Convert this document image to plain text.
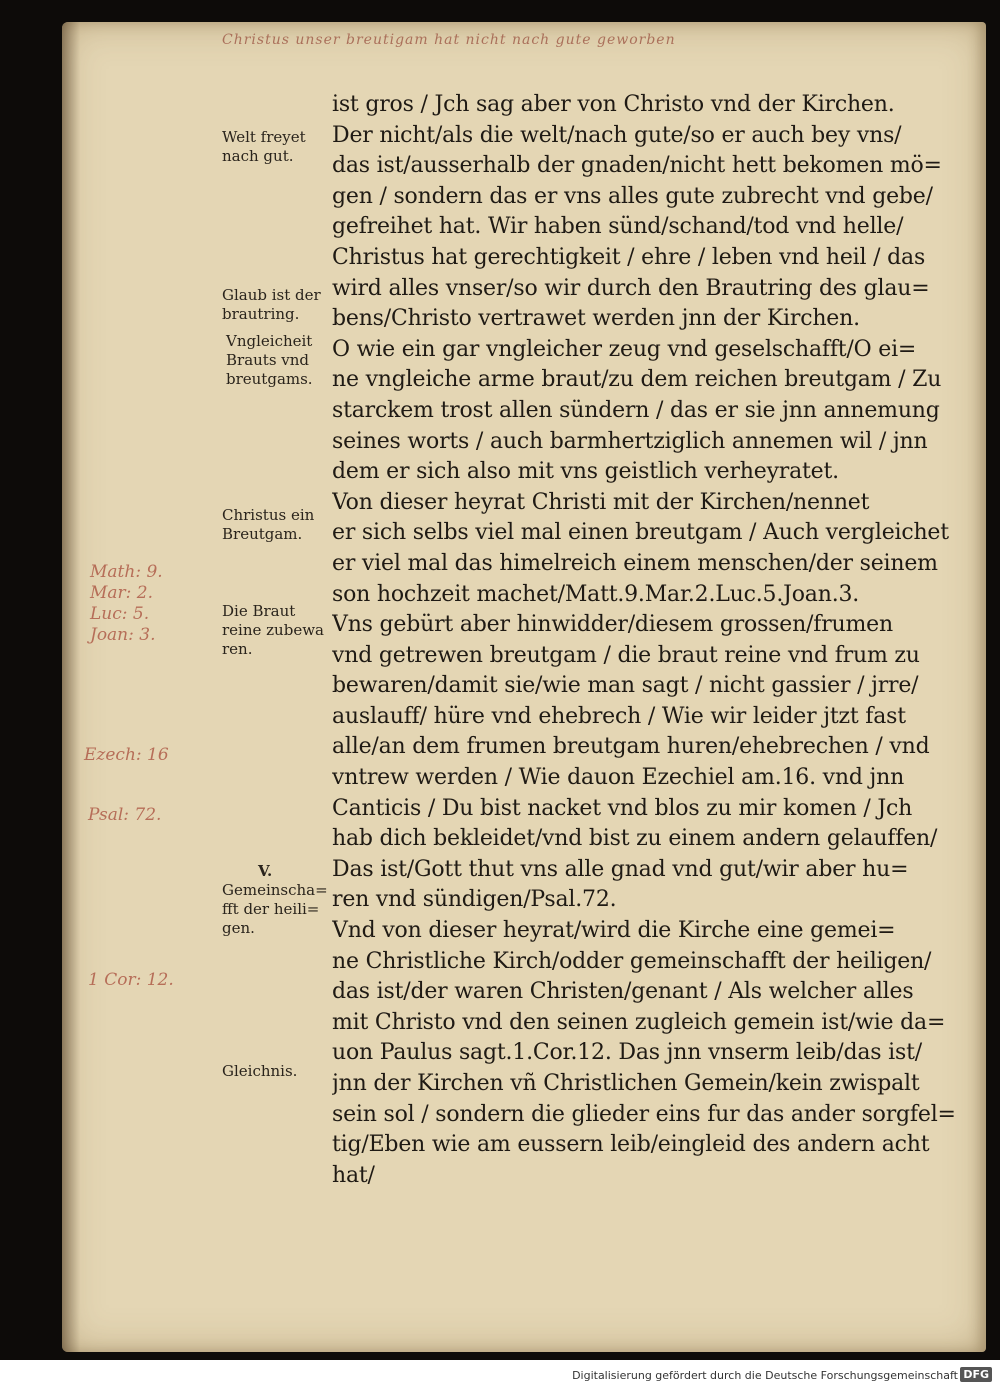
Christus unser breutigam hat nicht nach gute geworben
ist gros / Jch sag aber von Christo vnd der Kirchen.
Der nicht/als die welt/nach gute/so er auch bey vns/
das ist/ausserhalb der gnaden/nicht hett bekomen mö=
gen / sondern das er vns alles gute zubrecht vnd gebe/
gefreihet hat. Wir haben sünd/schand/tod vnd helle/
Christus hat gerechtigkeit / ehre / leben vnd heil / das
wird alles vnser/so wir durch den Brautring des glau=
bens/Christo vertrawet werden jnn der Kirchen.
O wie ein gar vngleicher zeug vnd geselschafft/O ei=
ne vngleiche arme braut/zu dem reichen breutgam / Zu
starckem trost allen sündern / das er sie jnn annemung
seines worts / auch barmhertziglich annemen wil / jnn
dem er sich also mit vns geistlich verheyratet.
Von dieser heyrat Christi mit der Kirchen/nennet
er sich selbs viel mal einen breutgam / Auch vergleichet
er viel mal das himelreich einem menschen/der seinem
son hochzeit machet/Matt.9.Mar.2.Luc.5.Joan.3.
Vns gebürt aber hinwidder/diesem grossen/frumen
vnd getrewen breutgam / die braut reine vnd frum zu
bewaren/damit sie/wie man sagt / nicht gassier / jrre/
auslauff/ hüre vnd ehebrech / Wie wir leider jtzt fast
alle/an dem frumen breutgam huren/ehebrechen / vnd
vntrew werden / Wie dauon Ezechiel am.16. vnd jnn
Canticis / Du bist nacket vnd blos zu mir komen / Jch
hab dich bekleidet/vnd bist zu einem andern gelauffen/
Das ist/Gott thut vns alle gnad vnd gut/wir aber hu=
ren vnd sündigen/Psal.72.
Vnd von dieser heyrat/wird die Kirche eine gemei=
ne Christliche Kirch/odder gemeinschafft der heiligen/
das ist/der waren Christen/genant / Als welcher alles
mit Christo vnd den seinen zugleich gemein ist/wie da=
uon Paulus sagt.1.Cor.12. Das jnn vnserm leib/das ist/
jnn der Kirchen vñ Christlichen Gemein/kein zwispalt
sein sol / sondern die glieder eins fur das ander sorgfel=
tig/Eben wie am eussern leib/eingleid des andern acht
hat/
Welt freyet
nach gut.
Glaub ist der
brautring.
Vngleicheit
Brauts vnd
breutgams.
Christus ein
Breutgam.
Die Braut
reine zubewa
ren.
V.
Gemeinscha=
fft der heili=
gen.
Gleichnis.
Math: 9.
Mar: 2.
Luc: 5.
Joan: 3.
Ezech: 16
Psal: 72.
1 Cor: 12.
Digitalisierung gefördert durch die Deutsche Forschungsgemeinschaft DFG
